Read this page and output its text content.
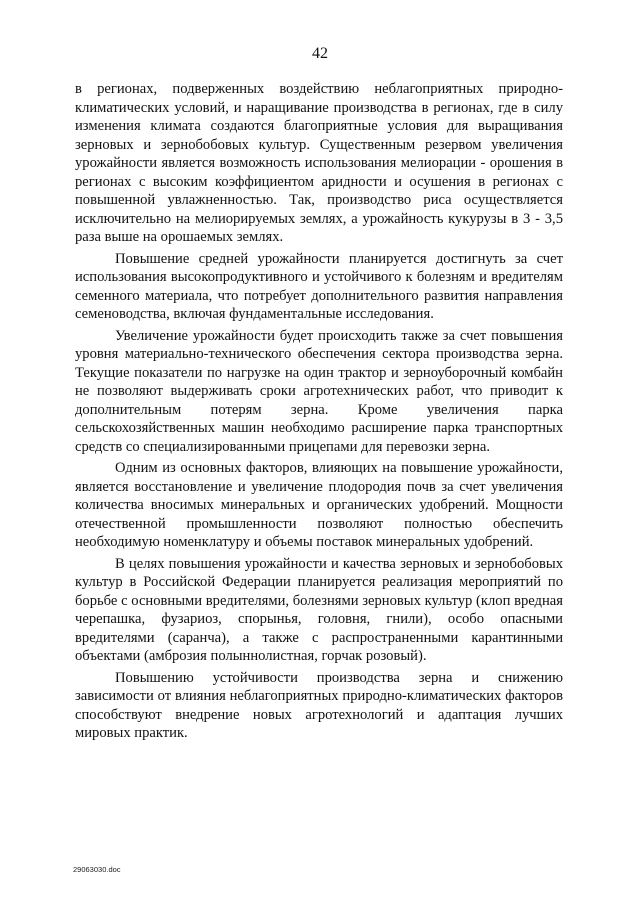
42

в регионах, подверженных воздействию неблагоприятных природно-климатических условий, и наращивание производства в регионах, где в силу изменения климата создаются благоприятные условия для выращивания зерновых и зернобобовых культур. Существенным резервом увеличения урожайности является возможность использования мелиорации - орошения в регионах с высоким коэффициентом аридности и осушения в регионах с повышенной увлажненностью. Так, производство риса осуществляется исключительно на мелиорируемых землях, а урожайность кукурузы в 3 - 3,5 раза выше на орошаемых землях.

Повышение средней урожайности планируется достигнуть за счет использования высокопродуктивного и устойчивого к болезням и вредителям семенного материала, что потребует дополнительного развития направления семеноводства, включая фундаментальные исследования.

Увеличение урожайности будет происходить также за счет повышения уровня материально-технического обеспечения сектора производства зерна. Текущие показатели по нагрузке на один трактор и зерноуборочный комбайн не позволяют выдерживать сроки агротехнических работ, что приводит к дополнительным потерям зерна. Кроме увеличения парка сельскохозяйственных машин необходимо расширение парка транспортных средств со специализированными прицепами для перевозки зерна.

Одним из основных факторов, влияющих на повышение урожайности, является восстановление и увеличение плодородия почв за счет увеличения количества вносимых минеральных и органических удобрений. Мощности отечественной промышленности позволяют полностью обеспечить необходимую номенклатуру и объемы поставок минеральных удобрений.

В целях повышения урожайности и качества зерновых и зернобобовых культур в Российской Федерации планируется реализация мероприятий по борьбе с основными вредителями, болезнями зерновых культур (клоп вредная черепашка, фузариоз, спорынья, головня, гнили), особо опасными вредителями (саранча), а также с распространенными карантинными объектами (амброзия полыннолистная, горчак розовый).

Повышению устойчивости производства зерна и снижению зависимости от влияния неблагоприятных природно-климатических факторов способствуют внедрение новых агротехнологий и адаптация лучших мировых практик.

29063030.doc
